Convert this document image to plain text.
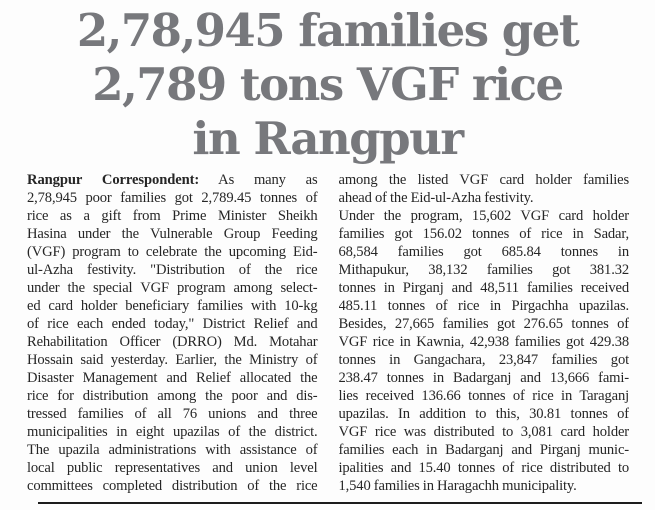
2,78,945 families get
2,789 tons VGF rice
in Rangpur
Rangpur Correspondent: As many as
2,78,945 poor families got 2,789.45 tonnes of
rice as a gift from Prime Minister Sheikh
Hasina under the Vulnerable Group Feeding
(VGF) program to celebrate the upcoming Eid-
ul-Azha festivity. "Distribution of the rice
under the special VGF program among select-
ed card holder beneficiary families with 10-kg
of rice each ended today," District Relief and
Rehabilitation Officer (DRRO) Md. Motahar
Hossain said yesterday. Earlier, the Ministry of
Disaster Management and Relief allocated the
rice for distribution among the poor and dis-
tressed families of all 76 unions and three
municipalities in eight upazilas of the district.
The upazila administrations with assistance of
local public representatives and union level
committees completed distribution of the rice
among the listed VGF card holder families
ahead of the Eid-ul-Azha festivity.
Under the program, 15,602 VGF card holder
families got 156.02 tonnes of rice in Sadar,
68,584 families got 685.84 tonnes in
Mithapukur, 38,132 families got 381.32
tonnes in Pirganj and 48,511 families received
485.11 tonnes of rice in Pirgachha upazilas.
Besides, 27,665 families got 276.65 tonnes of
VGF rice in Kawnia, 42,938 families got 429.38
tonnes in Gangachara, 23,847 families got
238.47 tonnes in Badarganj and 13,666 fami-
lies received 136.66 tonnes of rice in Taraganj
upazilas. In addition to this, 30.81 tonnes of
VGF rice was distributed to 3,081 card holder
families each in Badarganj and Pirganj munic-
ipalities and 15.40 tonnes of rice distributed to
1,540 families in Haragachh municipality.
